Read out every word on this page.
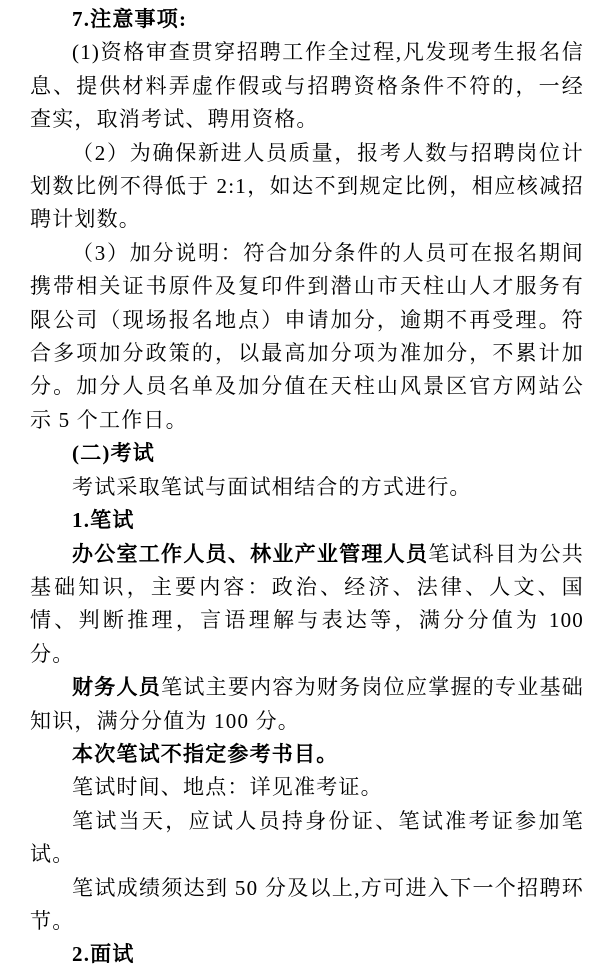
7.注意事项:

(1)资格审查贯穿招聘工作全过程,凡发现考生报名信息、提供材料弄虚作假或与招聘资格条件不符的，一经查实，取消考试、聘用资格。

（2）为确保新进人员质量，报考人数与招聘岗位计划数比例不得低于 2:1，如达不到规定比例，相应核减招聘计划数。

（3）加分说明：符合加分条件的人员可在报名期间携带相关证书原件及复印件到潜山市天柱山人才服务有限公司（现场报名地点）申请加分，逾期不再受理。符合多项加分政策的，以最高加分项为准加分，不累计加分。加分人员名单及加分值在天柱山风景区官方网站公示 5 个工作日。

(二)考试

考试采取笔试与面试相结合的方式进行。

1.笔试

办公室工作人员、林业产业管理人员笔试科目为公共基础知识，主要内容：政治、经济、法律、人文、国情、判断推理，言语理解与表达等，满分分值为 100 分。

财务人员笔试主要内容为财务岗位应掌握的专业基础知识，满分分值为 100 分。

本次笔试不指定参考书目。

笔试时间、地点：详见准考证。

笔试当天，应试人员持身份证、笔试准考证参加笔试。

笔试成绩须达到 50 分及以上,方可进入下一个招聘环节。

2.面试
